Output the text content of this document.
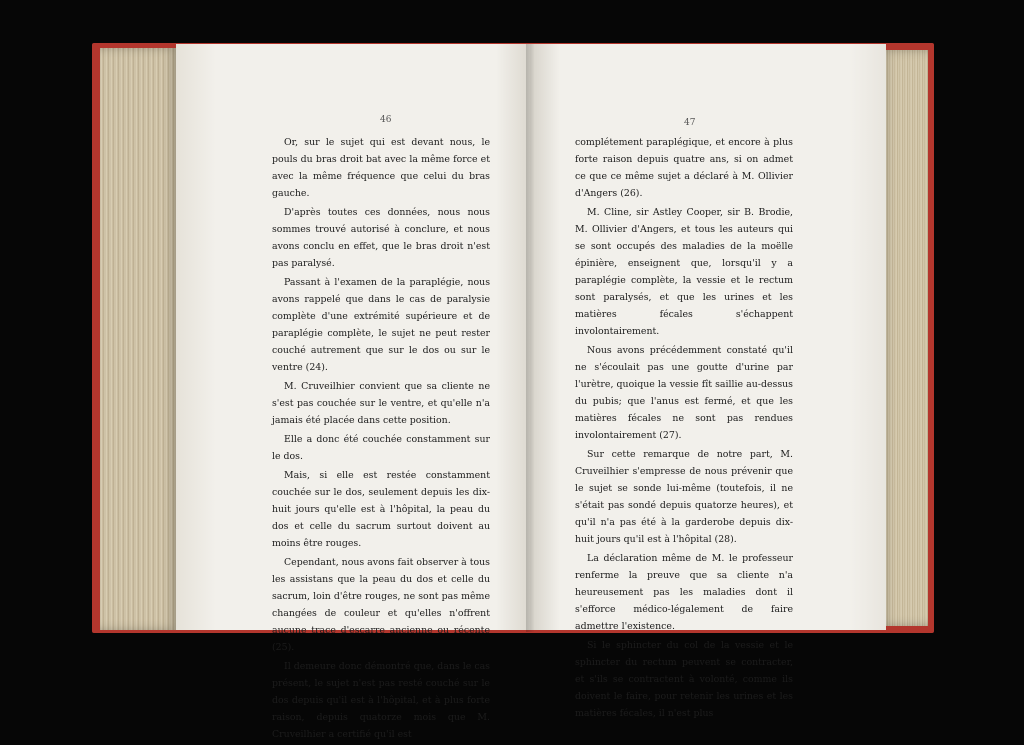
46	47

Or, sur le sujet qui est devant nous, le pouls du bras droit bat avec la même force et avec la même fréquence que celui du bras gauche.

D'après toutes ces données, nous nous sommes trouvé autorisé à conclure, et nous avons conclu en effet, que le bras droit n'est pas paralysé.

Passant à l'examen de la paraplégie, nous avons rappelé que dans le cas de paralysie complète d'une extrémité supérieure et de paraplégie complète, le sujet ne peut rester couché autrement que sur le dos ou sur le ventre (24).

M. Cruveilhier convient que sa cliente ne s'est pas couchée sur le ventre, et qu'elle n'a jamais été placée dans cette position.

Elle a donc été couchée constamment sur le dos.

Mais, si elle est restée constamment couchée sur le dos, seulement depuis les dix-huit jours qu'elle est à l'hôpital, la peau du dos et celle du sacrum surtout doivent au moins être rouges.

Cependant, nous avons fait observer à tous les assistans que la peau du dos et celle du sacrum, loin d'être rouges, ne sont pas même changées de couleur et qu'elles n'offrent aucune trace d'escarre ancienne ou récente (25).

Il demeure donc démontré que, dans le cas présent, le sujet n'est pas resté couché sur le dos depuis qu'il est à l'hôpital, et à plus forte raison, depuis quatorze mois que M. Cruveilhier a certifié qu'il est

complétement paraplégique, et encore à plus forte raison depuis quatre ans, si on admet ce que ce même sujet a déclaré à M. Ollivier d'Angers (26).

M. Cline, sir Astley Cooper, sir B. Brodie, M. Ollivier d'Angers, et tous les auteurs qui se sont occupés des maladies de la moëlle épinière, enseignent que, lorsqu'il y a paraplégie complète, la vessie et le rectum sont paralysés, et que les urines et les matières fécales s'échappent involontairement.

Nous avons précédemment constaté qu'il ne s'écoulait pas une goutte d'urine par l'urètre, quoique la vessie fît saillie au-dessus du pubis; que l'anus est fermé, et que les matières fécales ne sont pas rendues involontairement (27).

Sur cette remarque de notre part, M. Cruveilhier s'empresse de nous prévenir que le sujet se sonde lui-même (toutefois, il ne s'était pas sondé depuis quatorze heures), et qu'il n'a pas été à la garderobe depuis dix-huit jours qu'il est à l'hôpital (28).

La déclaration même de M. le professeur renferme la preuve que sa cliente n'a heureusement pas les maladies dont il s'efforce médico-légalement de faire admettre l'existence.

Si le sphincter du col de la vessie et le sphincter du rectum peuvent se contracter, et s'ils se contractent à volonté, comme ils doivent le faire, pour retenir les urines et les matières fécales, il n'est plus
